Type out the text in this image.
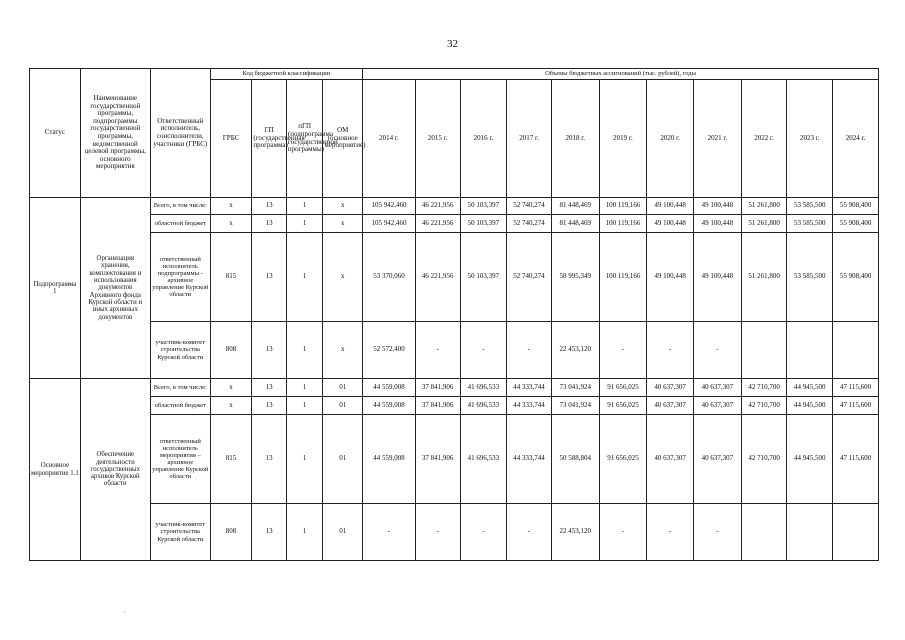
32
Статус	Наименование государственной программы, подпрограммы государственной программы, ведомственной целевой программы, основного мероприятия	Ответственный исполнитель, соисполнители, участники (ГРБС)	Код бюджетной классификации				Объемы бюджетных ассигнований (тыс. рублей), годы										
			ГРБС	ГП (государственная программа)	пГП (подпрограмма государственной программы)	ОМ (основное мероприятие)	2014 г.	2015 г.	2016 г.	2017 г.	2018 г.	2019 г.	2020 г.	2021 г.	2022 г.	2023 г.	2024 г.
Подпрограмма 1	Организация хранения, комплектования и использования документов Архивного фонда Курской области и иных архивных документов	Всего, в том числе:	х	13	1	х	105 942,460	46 221,956	50 103,397	52 740,274	81 448,469	100 119,166	49 100,448	49 100,448	51 261,800	53 585,500	55 908,400
		областной бюджет	х	13	1	х	105 942,460	46 221,956	50 103,397	52 740,274	81 448,469	100 119,166	49 100,448	49 100,448	51 261,800	53 585,500	55 908,400
		ответственный исполнитель подпрограммы - архивное управление Курской области	815	13	1	х	53 370,060	46 221,956	50 103,397	52 740,274	58 995,349	100 119,166	49 100,448	49 100,448	51 261,800	53 585,500	55 908,400
		участник-комитет строительства Курской области	808	13	1	х	52 572,400	-	-	-	22 453,120	-	-	-			
Основное мероприятие 1.1	Обеспечение деятельности государственных архивов Курской области	Всего, в том числе:	х	13	1	01	44 559,008	37 841,906	41 696,533	44 333,744	73 041,924	91 656,025	40 637,307	40 637,307	42 710,700	44 945,500	47 115,600
		областной бюджет	х	13	1	01	44 559,008	37 841,906	41 696,533	44 333,744	73 041,924	91 656,025	40 637,307	40 637,307	42 710,700	44 945,500	47 115,600
		ответственный исполнитель мероприятия – архивное управление Курской области	815	13	1	01	44 559,008	37 841,906	41 696,533	44 333,744	50 588,804	91 656,025	40 637,307	40 637,307	42 710,700	44 945,500	47 115,600
		участник-комитет строительства Курской области	808	13	1	01	-	-	-	-	22 453,120	-	-	-			
·
